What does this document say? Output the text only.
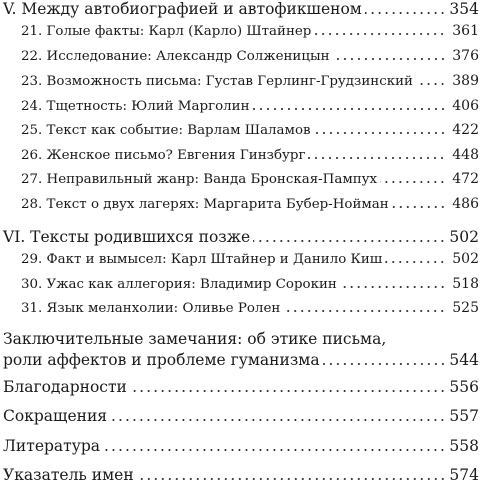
V. Между автобиографией и автофикшеном	354
21. Голые факты: Карл (Карло) Штайнер	361
22. Исследование: Александр Солженицын	376
23. Возможность письма: Густав Герлинг-Грудзинский	389
24. Тщетность: Юлий Марголин	406
25. Текст как событие: Варлам Шаламов	422
26. Женское письмо? Евгения Гинзбург	448
27. Неправильный жанр: Ванда Бронская-Пампух	472
28. Текст о двух лагерях: Маргарита Бубер-Нойман	486
VI. Тексты родившихся позже	502
29. Факт и вымысел: Карл Штайнер и Данило Киш	502
30. Ужас как аллегория: Владимир Сорокин	518
31. Язык меланхолии: Оливье Ролен	525
Заключительные замечания: об этике письма,
роли аффектов и проблеме гуманизма	544
Благодарности	556
Сокращения	557
Литература	558
Указатель имен	574
